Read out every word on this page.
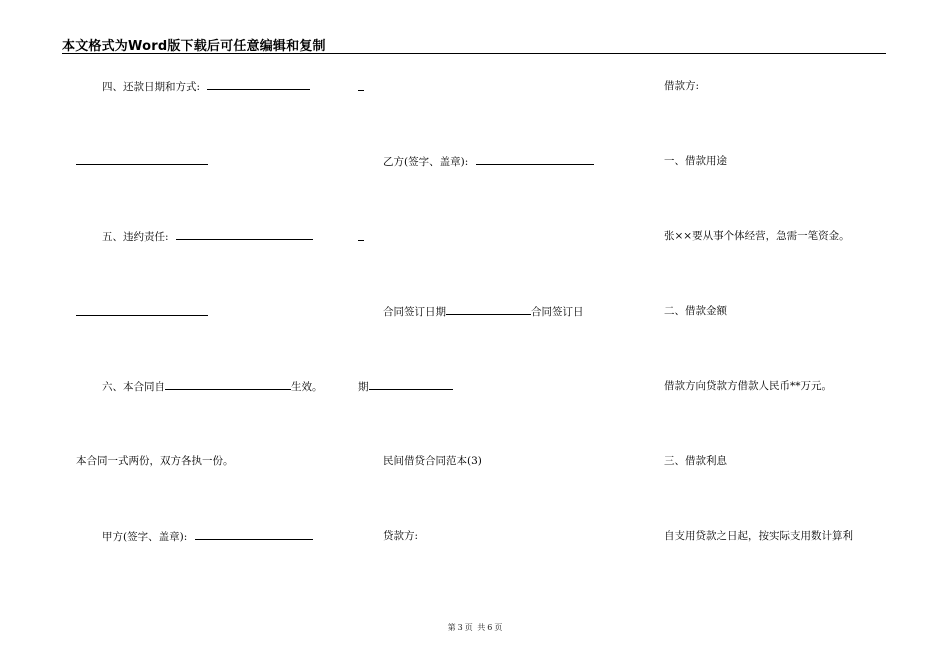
本文格式为Word版下载后可任意编辑和复制
四、还款日期和方式:
五、违约责任:
六、本合同自	生效。
本合同一式两份，双方各执一份。
甲方(签字、盖章):
乙方(签字、盖章):
合同签订日期	合同签订日
期
民间借贷合同范本(3)
贷款方:
借款方:
一、借款用途
张××要从事个体经营，急需一笔资金。
二、借款金额
借款方向贷款方借款人民币**万元。
三、借款利息
自支用贷款之日起，按实际支用数计算利
第 3 页 共 6 页
